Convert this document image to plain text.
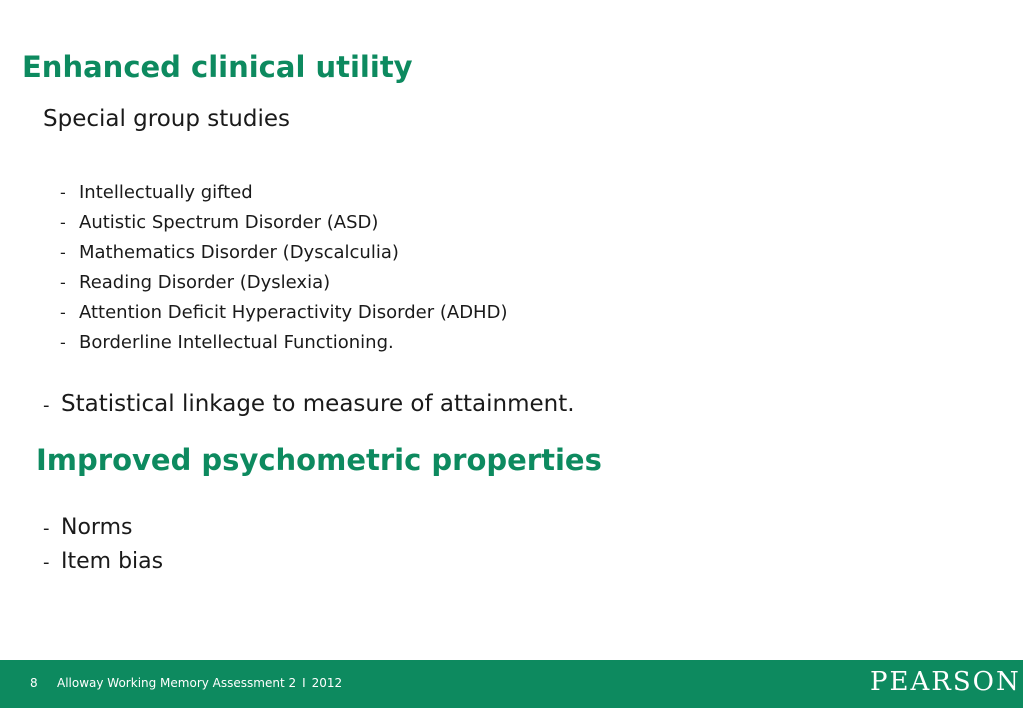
Enhanced clinical utility
Special group studies
- Intellectually gifted
- Autistic Spectrum Disorder (ASD)
- Mathematics Disorder (Dyscalculia)
- Reading Disorder (Dyslexia)
- Attention Deficit Hyperactivity Disorder (ADHD)
- Borderline Intellectual Functioning.
- Statistical linkage to measure of attainment.
Improved psychometric properties
- Norms
- Item bias
8 Alloway Working Memory Assessment 2 I 2012	PEARSON
